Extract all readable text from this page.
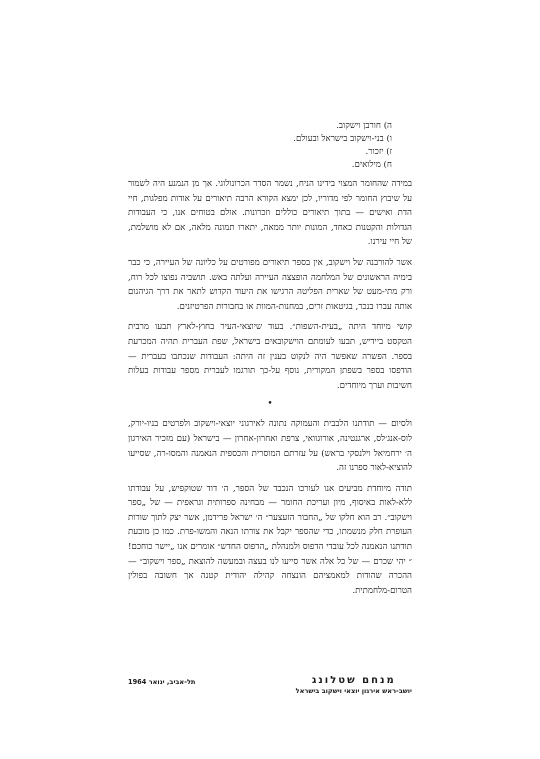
ה) חורבן וישקוב.
ו) בני-וישקוב בישראל ובעולם.
ז) יזכור.
ח) מילואים.

במידה שהחומר המצוי בידינו הניח, נשמר הסדר הכרונולוגי. אך מן הנמנע היה לשמור על שיבוץ החומר לפי מדוריו, לכן ימצא הקורא הרבה תיאורים על אודות מפלגות, חיי הדת ואישים — בתוך תיאורים כוללים וזכרונות. אולם בטוחים אנו, כי העבודות הגדולות והקטנות כאחד, המונות יותר ממאה, יתארו תמונה מלאה, אם לא מושלמת, של חיי עירנו.

אשר להורבנה של וישקוב, אין בספר תיאורים מפורטים על כליונה של העיירה, כי כבר בימיה הראשונים של המלחמה הופצצה העיירה ועלתה באש. תושביה נפוצו לכל רוח, ורק מתי-מעט של שארית הפליטה הרגישו את היעוד הקדוש לתאר את דרך הגיהנום אותה עברו בנכר, בגיטאות זרים, במחנות-המוות או בחבורות הפרטיזנים.

קושי מיוחד היתה „בעית-השפות״. בעוד שיוצאי-העיר בחוץ-לארץ תבעו מרבית הטקסט ביידיש, תבעו לעומתם הוישקובאים בישראל, שפת העברית תהיה המכרעת בספר. הפשרה שאפשר היה לנקוט בענין זה היתה: העבודות שנכתבו בעברית — הודפסו בספר בשפתן המקורית, נוסף על-כך תורגמו לעברית מספר עבודות בעלות חשיבות וערך מיוחדים.

•

ולסיום — תודתנו הלבבית והעמוקה נתונה לאירגוני יוצאי-וישקוב ולפרטים בניו-יורק, לוס-אנג׳לס, ארגנטינה, אורוגוואי, צרפת ואחרון-אחרון — בישראל (עם מזכיר האירגון ה׳ ירחמיאל וילנסקי בראש) על עזרתם המוסרית והכספית הנאמנה והמסו-רה, שסייעו להוציא-לאור ספרנו זה.

תודה מיוחדת מביעים אנו לעורכו הנכבד של הספר, ה׳ דוד שטוקפיש, על עבודתו ללא-לאות באיסוף, מיון ועריכת החומר — מבחינה ספרותית וגראפית — של „ספר וישקוב״. רב הוא חלקו של „החבור הזעצער״ ה׳ ישראל פרידמן, אשר יצק לתוך שורות העופרת חלק מנשמתו, כדי שהספר יקבל את צורתו הנאה והמשו-פרת. כמו כן מובעת תודתנו הנאמנה לכל עובדי הדפוס ולמנהלת „הדפוס החדש״ אומרים אנו „יישר כוחכם!״ יהי שכרם — של כל אלה אשר סייעו לנו בעצה ובמעשה להוצאת „ספר וישקוב״ — ההכרה שהודות למאמציהם הונצחה קהילה יהודית קטנה אך חשובה בפולין הטרום-מלחמתית.

מנחם שטלונג
יושב-ראש אירגון יוצאי וישקוב בישראל
תל-אביב, ינואר 1964
